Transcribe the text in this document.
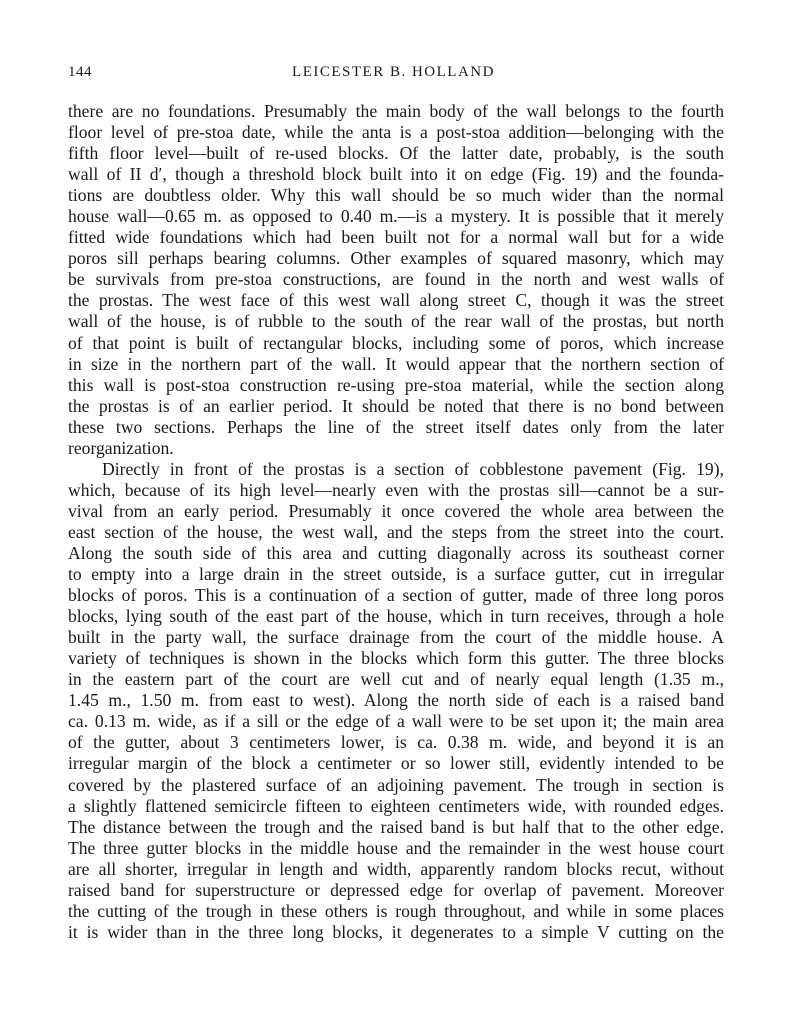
144	LEICESTER B. HOLLAND
there are no foundations. Presumably the main body of the wall belongs to the fourth
floor level of pre-stoa date, while the anta is a post-stoa addition—belonging with the
fifth floor level—built of re-used blocks. Of the latter date, probably, is the south
wall of II d′, though a threshold block built into it on edge (Fig. 19) and the founda-
tions are doubtless older. Why this wall should be so much wider than the normal
house wall—0.65 m. as opposed to 0.40 m.—is a mystery. It is possible that it merely
fitted wide foundations which had been built not for a normal wall but for a wide
poros sill perhaps bearing columns. Other examples of squared masonry, which may
be survivals from pre-stoa constructions, are found in the north and west walls of
the prostas. The west face of this west wall along street C, though it was the street
wall of the house, is of rubble to the south of the rear wall of the prostas, but north
of that point is built of rectangular blocks, including some of poros, which increase
in size in the northern part of the wall. It would appear that the northern section of
this wall is post-stoa construction re-using pre-stoa material, while the section along
the prostas is of an earlier period. It should be noted that there is no bond between
these two sections. Perhaps the line of the street itself dates only from the later
reorganization.
Directly in front of the prostas is a section of cobblestone pavement (Fig. 19),
which, because of its high level—nearly even with the prostas sill—cannot be a sur-
vival from an early period. Presumably it once covered the whole area between the
east section of the house, the west wall, and the steps from the street into the court.
Along the south side of this area and cutting diagonally across its southeast corner
to empty into a large drain in the street outside, is a surface gutter, cut in irregular
blocks of poros. This is a continuation of a section of gutter, made of three long poros
blocks, lying south of the east part of the house, which in turn receives, through a hole
built in the party wall, the surface drainage from the court of the middle house. A
variety of techniques is shown in the blocks which form this gutter. The three blocks
in the eastern part of the court are well cut and of nearly equal length (1.35 m.,
1.45 m., 1.50 m. from east to west). Along the north side of each is a raised band
ca. 0.13 m. wide, as if a sill or the edge of a wall were to be set upon it; the main area
of the gutter, about 3 centimeters lower, is ca. 0.38 m. wide, and beyond it is an
irregular margin of the block a centimeter or so lower still, evidently intended to be
covered by the plastered surface of an adjoining pavement. The trough in section is
a slightly flattened semicircle fifteen to eighteen centimeters wide, with rounded edges.
The distance between the trough and the raised band is but half that to the other edge.
The three gutter blocks in the middle house and the remainder in the west house court
are all shorter, irregular in length and width, apparently random blocks recut, without
raised band for superstructure or depressed edge for overlap of pavement. Moreover
the cutting of the trough in these others is rough throughout, and while in some places
it is wider than in the three long blocks, it degenerates to a simple V cutting on the
